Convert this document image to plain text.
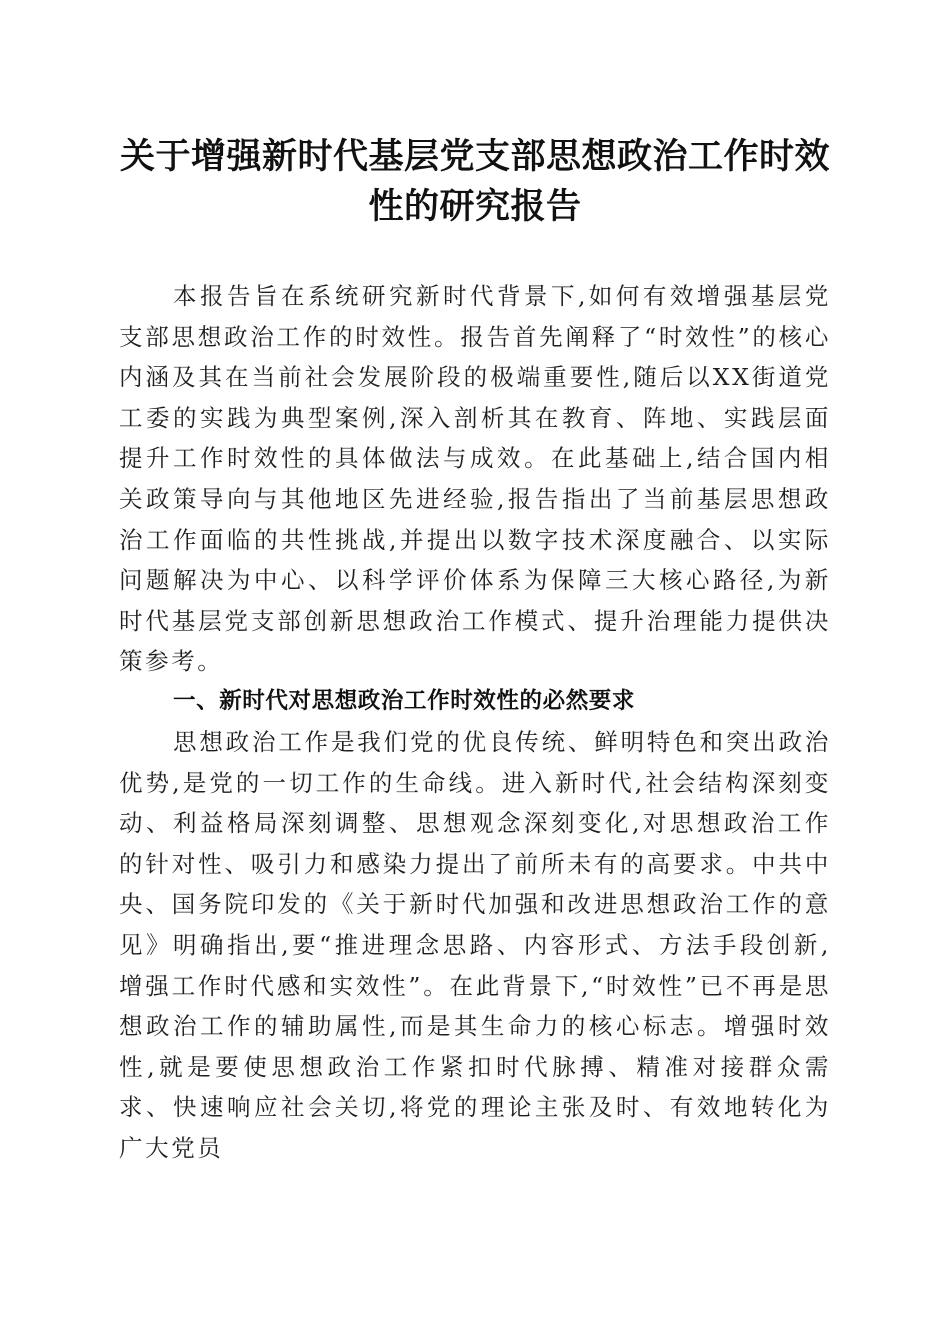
关于增强新时代基层党支部思想政治工作时效
性的研究报告

本报告旨在系统研究新时代背景下,如何有效增强基层党支部思想政治工作的时效性。报告首先阐释了“时效性”的核心内涵及其在当前社会发展阶段的极端重要性,随后以XX街道党工委的实践为典型案例,深入剖析其在教育、阵地、实践层面提升工作时效性的具体做法与成效。在此基础上,结合国内相关政策导向与其他地区先进经验,报告指出了当前基层思想政治工作面临的共性挑战,并提出以数字技术深度融合、以实际问题解决为中心、以科学评价体系为保障三大核心路径,为新时代基层党支部创新思想政治工作模式、提升治理能力提供决策参考。

一、新时代对思想政治工作时效性的必然要求

思想政治工作是我们党的优良传统、鲜明特色和突出政治优势,是党的一切工作的生命线。进入新时代,社会结构深刻变动、利益格局深刻调整、思想观念深刻变化,对思想政治工作的针对性、吸引力和感染力提出了前所未有的高要求。中共中央、国务院印发的《关于新时代加强和改进思想政治工作的意见》明确指出,要“推进理念思路、内容形式、方法手段创新,增强工作时代感和实效性”。在此背景下,“时效性”已不再是思想政治工作的辅助属性,而是其生命力的核心标志。增强时效性,就是要使思想政治工作紧扣时代脉搏、精准对接群众需求、快速响应社会关切,将党的理论主张及时、有效地转化为广大党员
